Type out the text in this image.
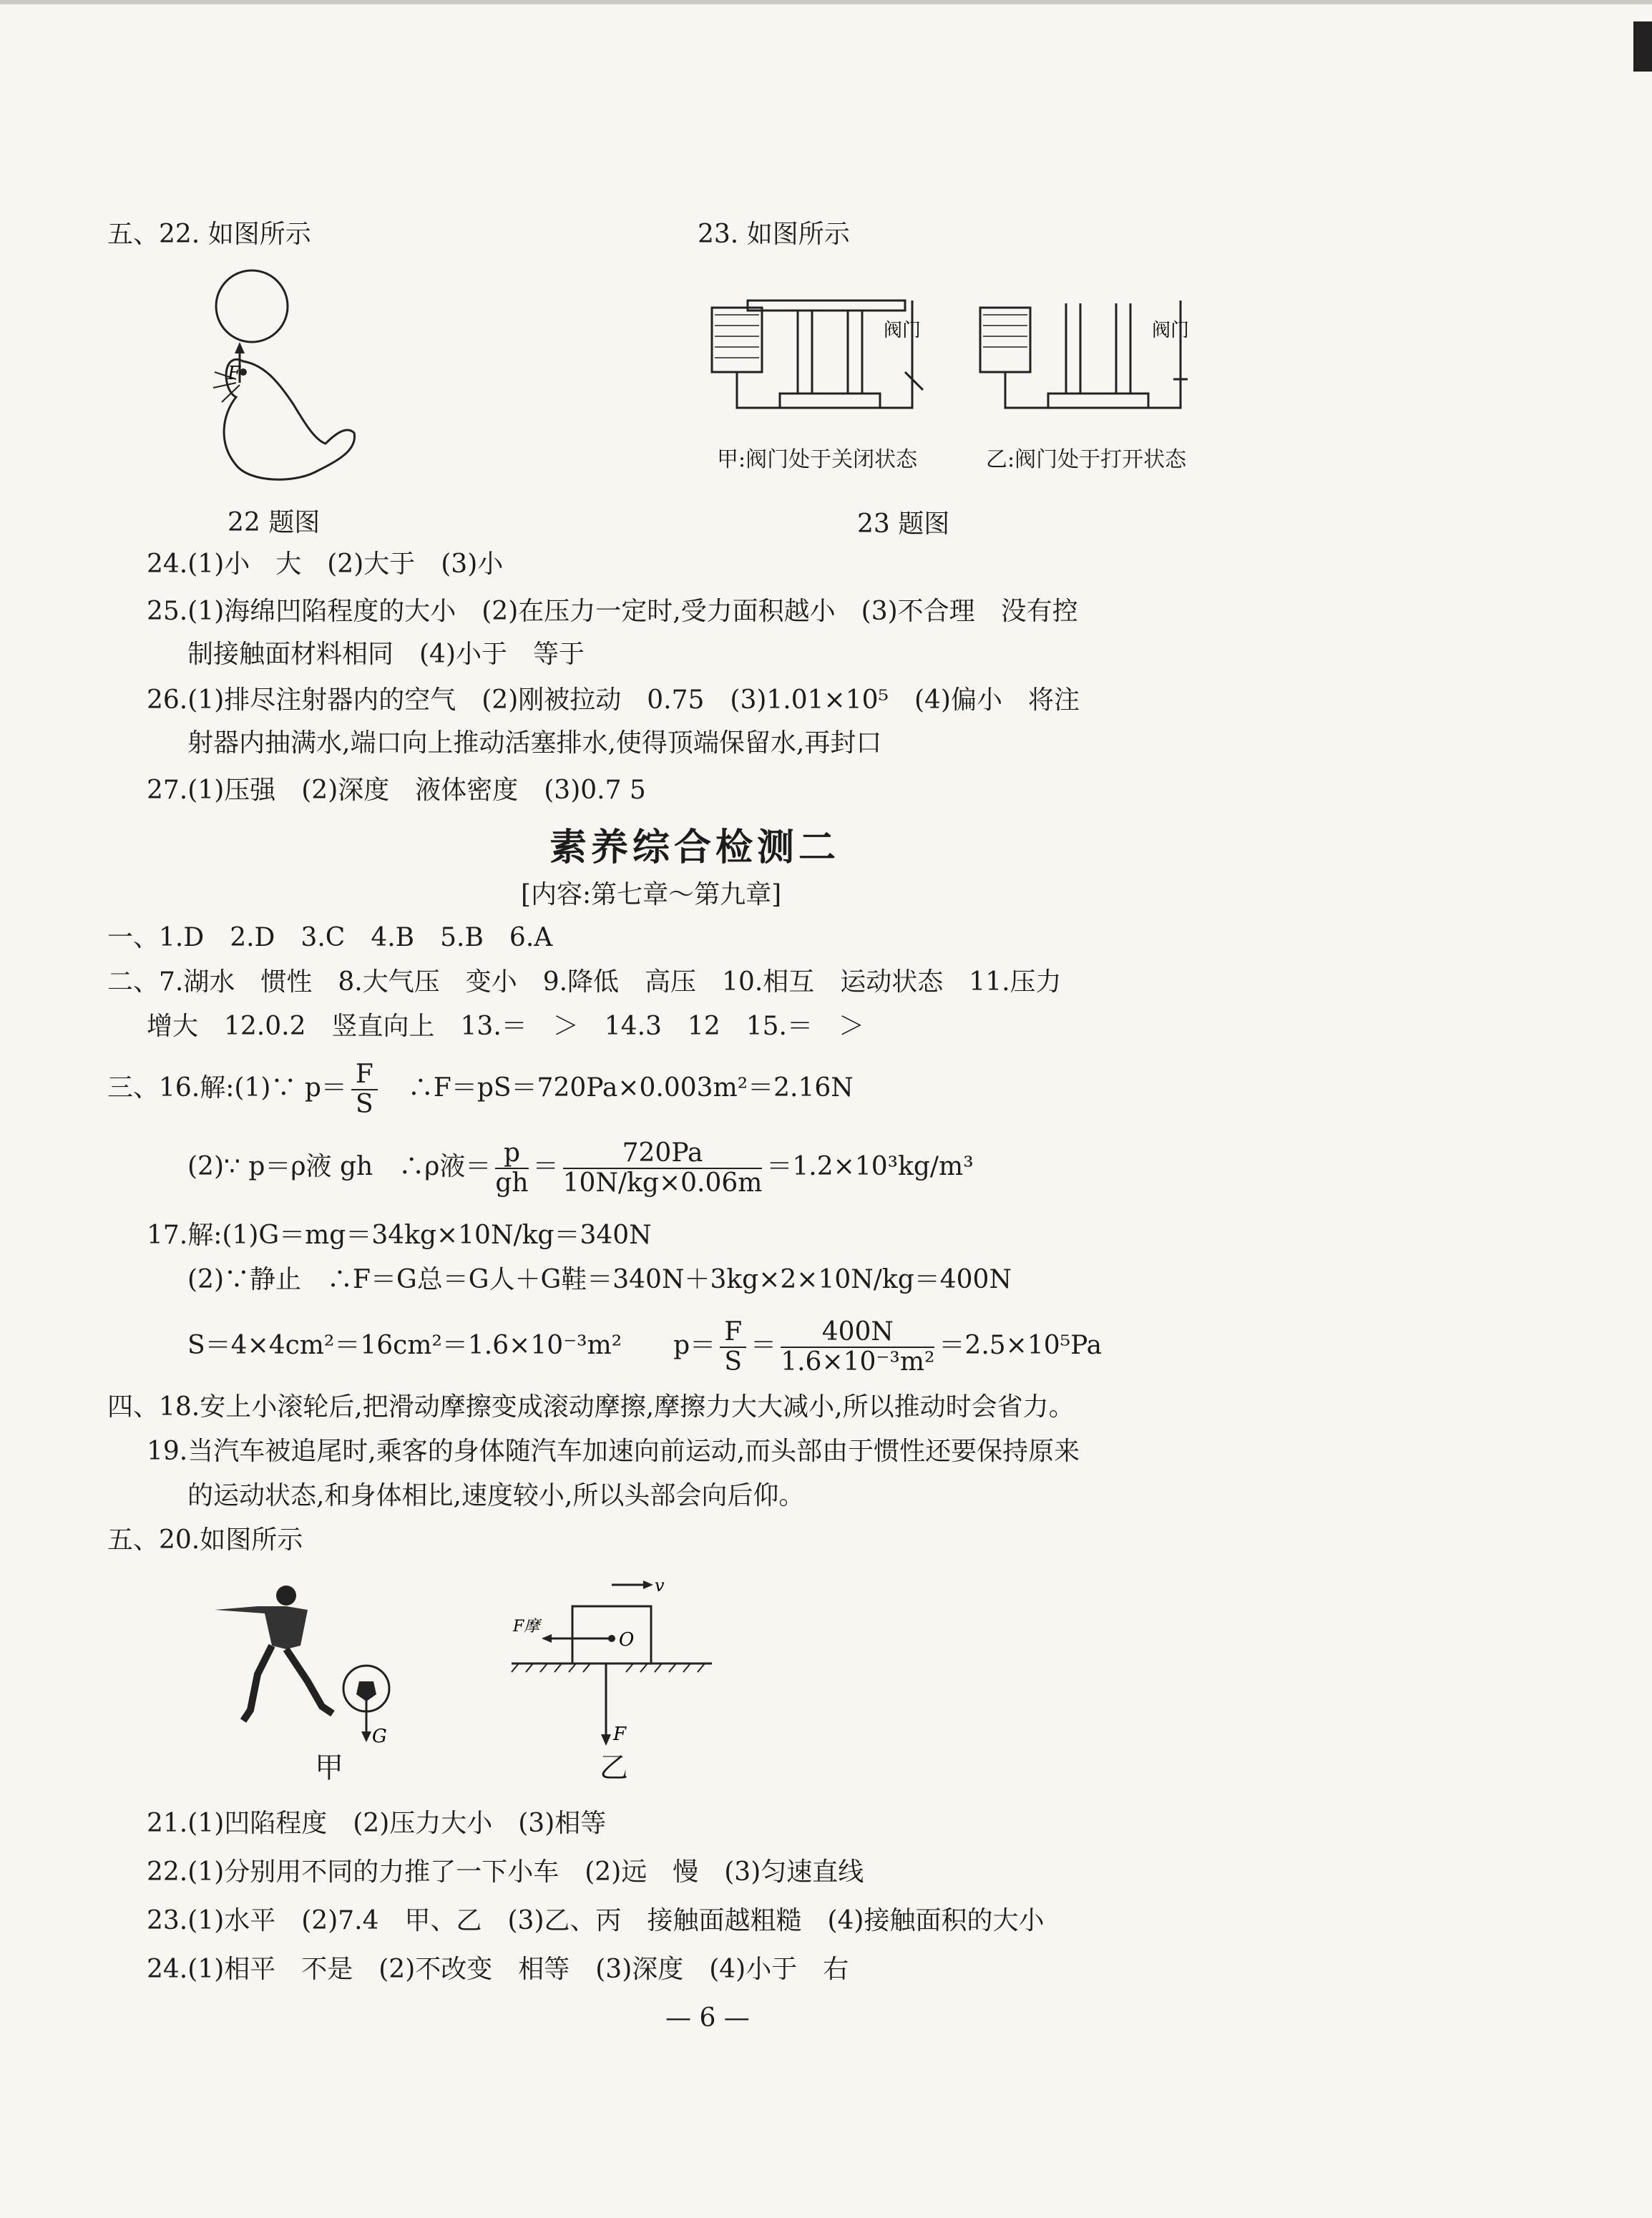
五、22. 如图所示	23. 如图所示
F
22 题图
阀门	阀门
甲:阀门处于关闭状态	乙:阀门处于打开状态
23 题图
24.(1)小　大　(2)大于　(3)小
25.(1)海绵凹陷程度的大小　(2)在压力一定时,受力面积越小　(3)不合理　没有控
制接触面材料相同　(4)小于　等于
26.(1)排尽注射器内的空气　(2)刚被拉动　0.75　(3)1.01×10⁵　(4)偏小　将注
射器内抽满水,端口向上推动活塞排水,使得顶端保留水,再封口
27.(1)压强　(2)深度　液体密度　(3)0.7 5
素养综合检测二
[内容:第七章～第九章]
一、1.D　2.D　3.C　4.B　5.B　6.A
二、7.湖水　惯性　8.大气压　变小　9.降低　高压　10.相互　运动状态　11.压力
增大　12.0.2　竖直向上　13.＝　＞　14.3　12　15.＝　＞
三、16.解:(1)∵ $p= \frac{F}{S}$
　 ∴F＝pS＝720Pa×0.003m²＝2.16N
(2)∵ p＝ρ液 gh　∴ρ液＝ $\frac{p}{gh} = \frac{720Pa}{10N/kg\times 0.06m} =1.2\times 10^3kg/m^3$
17.解:(1)G＝mg＝34kg×10N/kg＝340N
(2)∵静止　∴F＝G总＝G人＋G鞋＝340N＋3kg×2×10N/kg＝400N
S＝4×4cm²＝16cm²＝1.6×10⁻³m²　　$p= \frac{F}{S} = \frac{400N}{\text{1.6×10⁻³m²}} =2.5\times 10^5Pa$
四、18.安上小滚轮后,把滑动摩擦变成滚动摩擦,摩擦力大大减小,所以推动时会省力。
19.当汽车被追尾时,乘客的身体随汽车加速向前运动,而头部由于惯性还要保持原来
的运动状态,和身体相比,速度较小,所以头部会向后仰。
五、20.如图所示
G
甲
v
O
F摩
F
乙
21.(1)凹陷程度　(2)压力大小　(3)相等
22.(1)分别用不同的力推了一下小车　(2)远　慢　(3)匀速直线
23.(1)水平　(2)7.4　甲、乙　(3)乙、丙　接触面越粗糙　(4)接触面积的大小
24.(1)相平　不是　(2)不改变　相等　(3)深度　(4)小于　右
— 6 —
